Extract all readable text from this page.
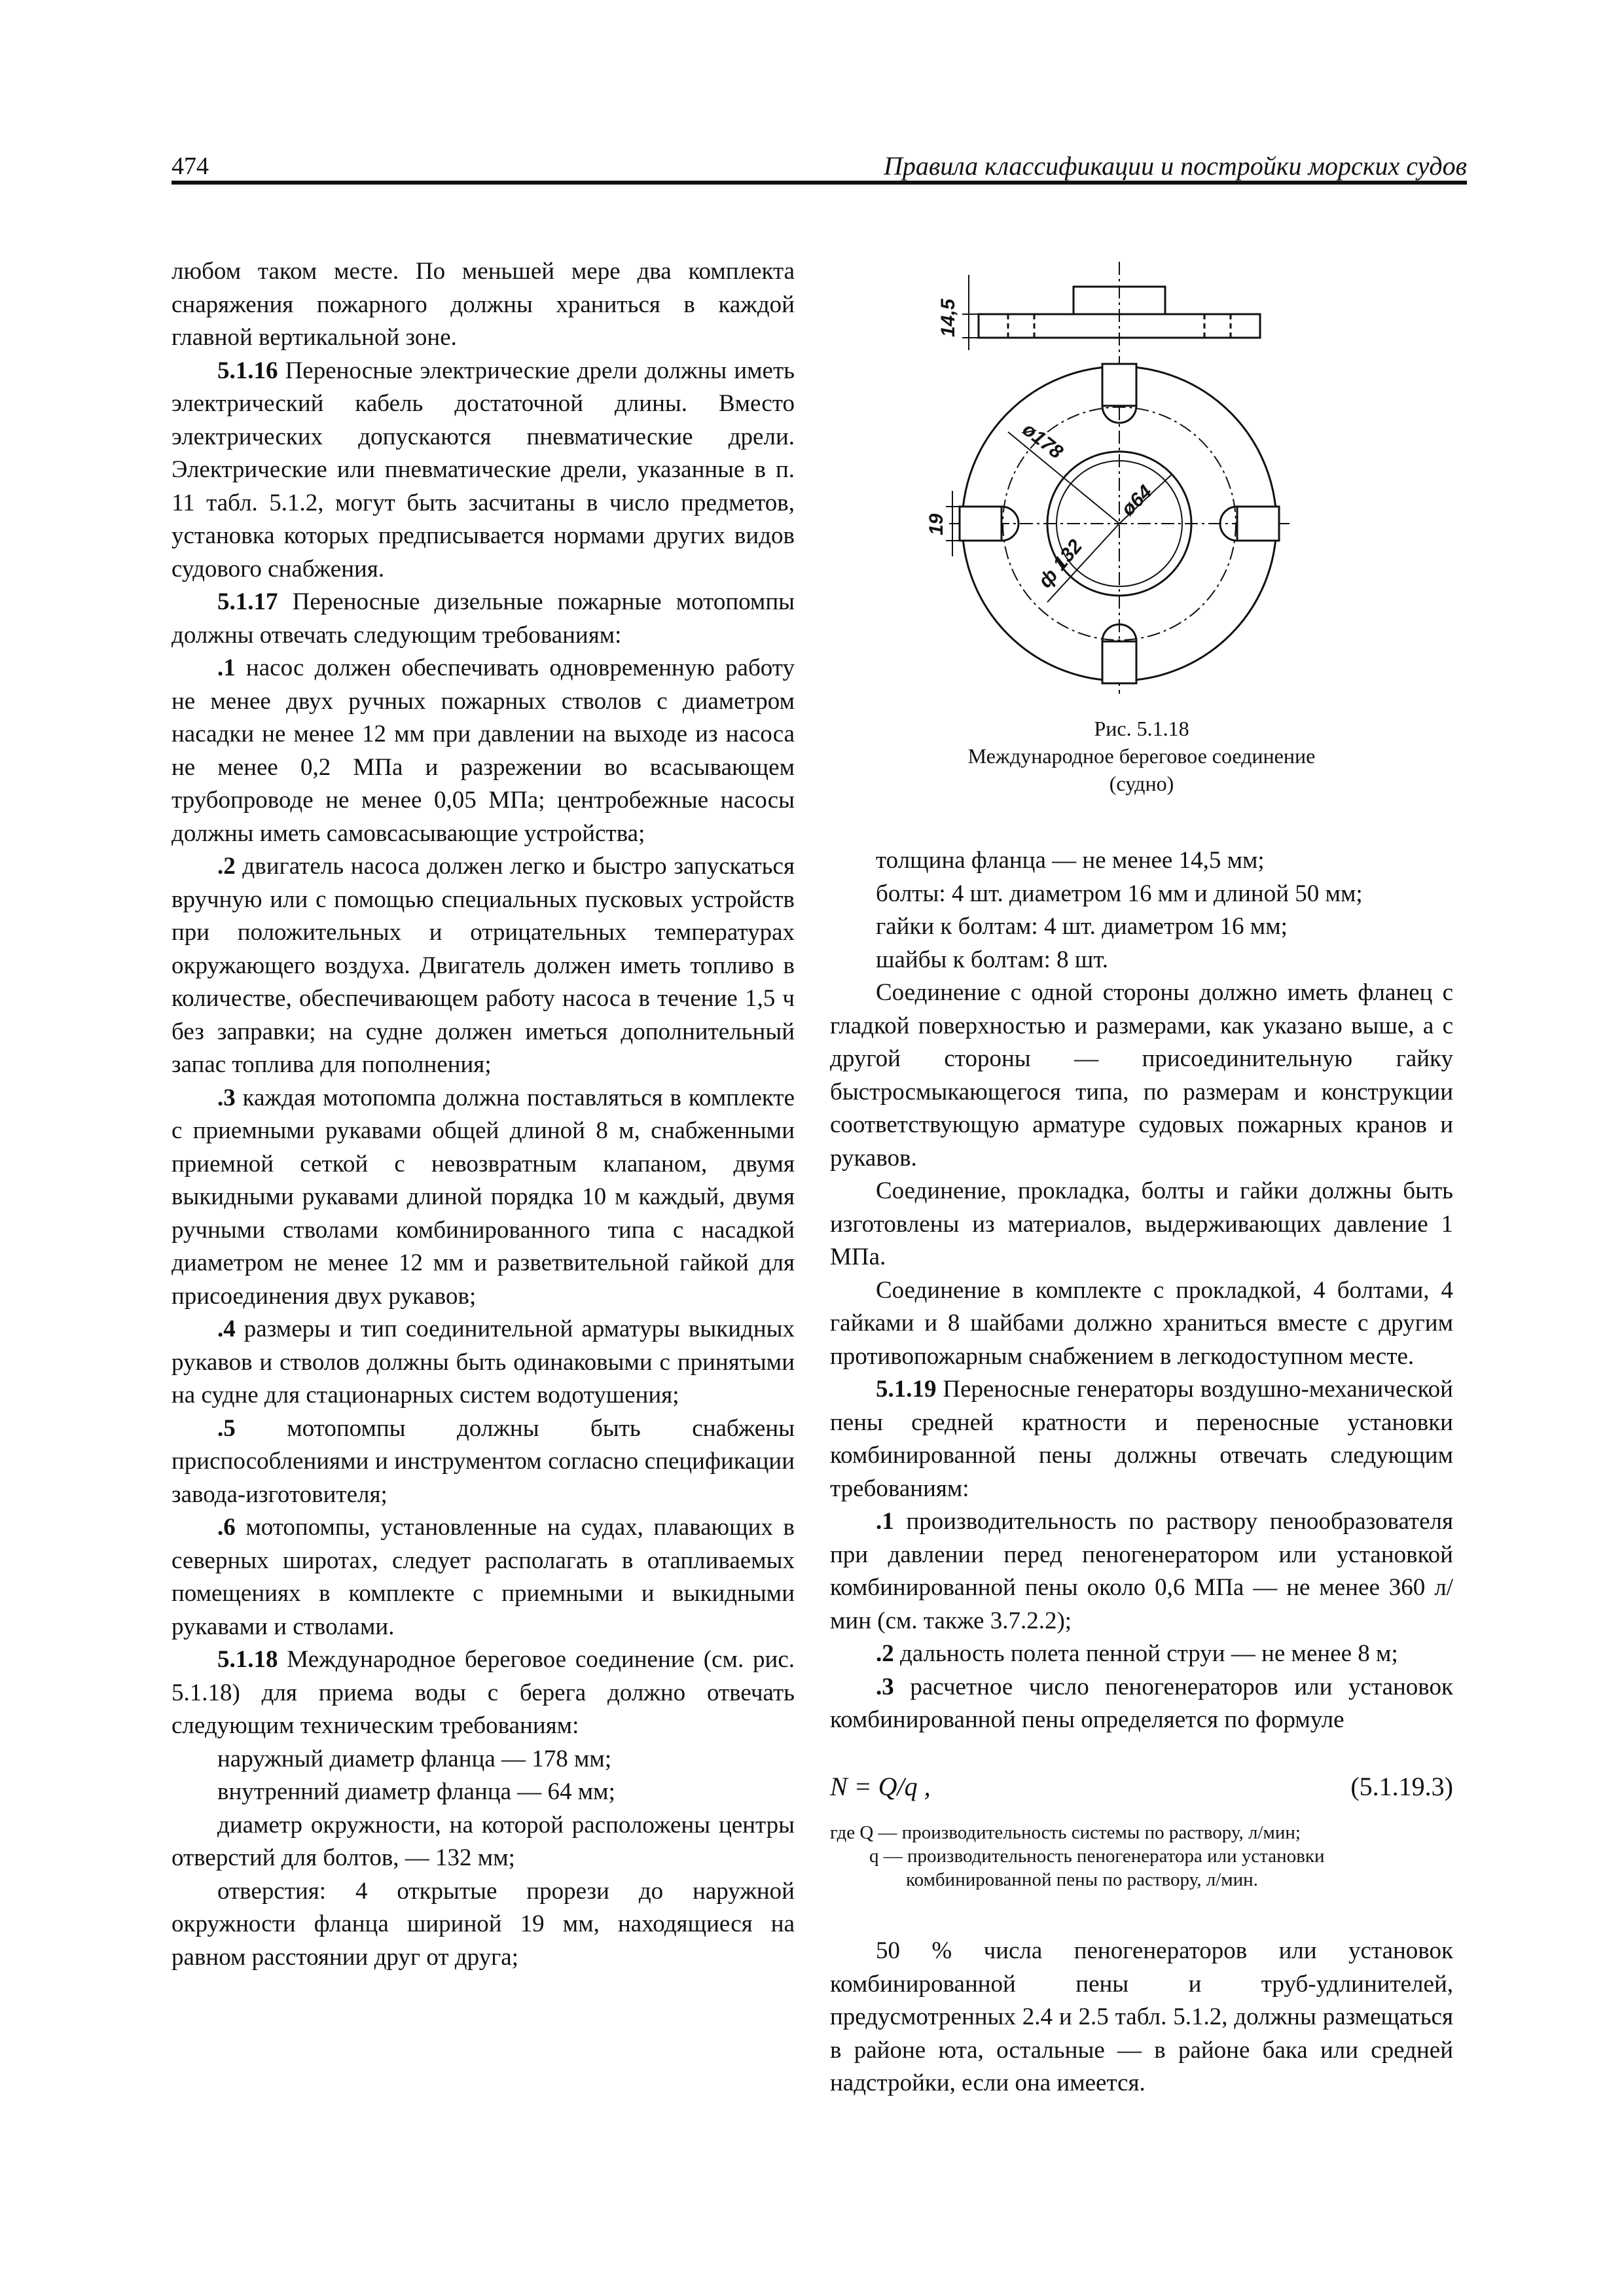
474	Правила классификации и постройки морских судов

любом таком месте. По меньшей мере два комплекта снаряжения пожарного должны храниться в каждой главной вертикальной зоне.

5.1.16 Переносные электрические дрели должны иметь электрический кабель достаточной длины. Вместо электрических допускаются пневматические дрели. Электрические или пневматические дрели, указанные в п. 11 табл. 5.1.2, могут быть засчитаны в число предметов, установка которых предписывается нормами других видов судового снабжения.

5.1.17 Переносные дизельные пожарные мотопомпы должны отвечать следующим требованиям:

.1 насос должен обеспечивать одновременную работу не менее двух ручных пожарных стволов с диаметром насадки не менее 12 мм при давлении на выходе из насоса не менее 0,2 МПа и разрежении во всасывающем трубопроводе не менее 0,05 МПа; центробежные насосы должны иметь самовсасывающие устройства;

.2 двигатель насоса должен легко и быстро запускаться вручную или с помощью специальных пусковых устройств при положительных и отрицательных температурах окружающего воздуха. Двигатель должен иметь топливо в количестве, обеспечивающем работу насоса в течение 1,5 ч без заправки; на судне должен иметься дополнительный запас топлива для пополнения;

.3 каждая мотопомпа должна поставляться в комплекте с приемными рукавами общей длиной 8 м, снабженными приемной сеткой с невозвратным клапаном, двумя выкидными рукавами длиной порядка 10 м каждый, двумя ручными стволами комбинированного типа с насадкой диаметром не менее 12 мм и разветвительной гайкой для присоединения двух рукавов;

.4 размеры и тип соединительной арматуры выкидных рукавов и стволов должны быть одинаковыми с принятыми на судне для стационарных систем водотушения;

.5 мотопомпы должны быть снабжены приспособлениями и инструментом согласно спецификации завода-изготовителя;

.6 мотопомпы, установленные на судах, плавающих в северных широтах, следует располагать в отапливаемых помещениях в комплекте с приемными и выкидными рукавами и стволами.

5.1.18 Международное береговое соединение (см. рис. 5.1.18) для приема воды с берега должно отвечать следующим техническим требованиям:

наружный диаметр фланца — 178 мм;

внутренний диаметр фланца — 64 мм;

диаметр окружности, на которой расположены центры отверстий для болтов, — 132 мм;

отверстия: 4 открытые прорези до наружной окружности фланца шириной 19 мм, находящиеся на равном расстоянии друг от друга;

14,5
ø178
ø64
ф 132
19
Рис. 5.1.18
Международное береговое соединение
(судно)

толщина фланца — не менее 14,5 мм;

болты: 4 шт. диаметром 16 мм и длиной 50 мм;

гайки к болтам: 4 шт. диаметром 16 мм;

шайбы к болтам: 8 шт.

Соединение с одной стороны должно иметь фланец с гладкой поверхностью и размерами, как указано выше, а с другой стороны — присоединительную гайку быстросмыкающегося типа, по размерам и конструкции соответствующую арматуре судовых пожарных кранов и рукавов.

Соединение, прокладка, болты и гайки должны быть изготовлены из материалов, выдерживающих давление 1 МПа.

Соединение в комплекте с прокладкой, 4 болтами, 4 гайками и 8 шайбами должно храниться вместе с другим противопожарным снабжением в легкодоступном месте.

5.1.19 Переносные генераторы воздушно-механической пены средней кратности и переносные установки комбинированной пены должны отвечать следующим требованиям:

.1 производительность по раствору пенообразователя при давлении перед пеногенератором или установкой комбинированной пены около 0,6 МПа — не менее 360 л/мин (см. также 3.7.2.2);

.2 дальность полета пенной струи — не менее 8 м;

.3 расчетное число пеногенераторов или установок комбинированной пены определяется по формуле

N = Q/q ,	(5.1.19.3)
где Q — производительность системы по раствору, л/мин;
q — производительность пеногенератора или установки
комбинированной пены по раствору, л/мин.

50 % числа пеногенераторов или установок комбинированной пены и труб-удлинителей, предусмотренных 2.4 и 2.5 табл. 5.1.2, должны размещаться в районе юта, остальные — в районе бака или средней надстройки, если она имеется.
